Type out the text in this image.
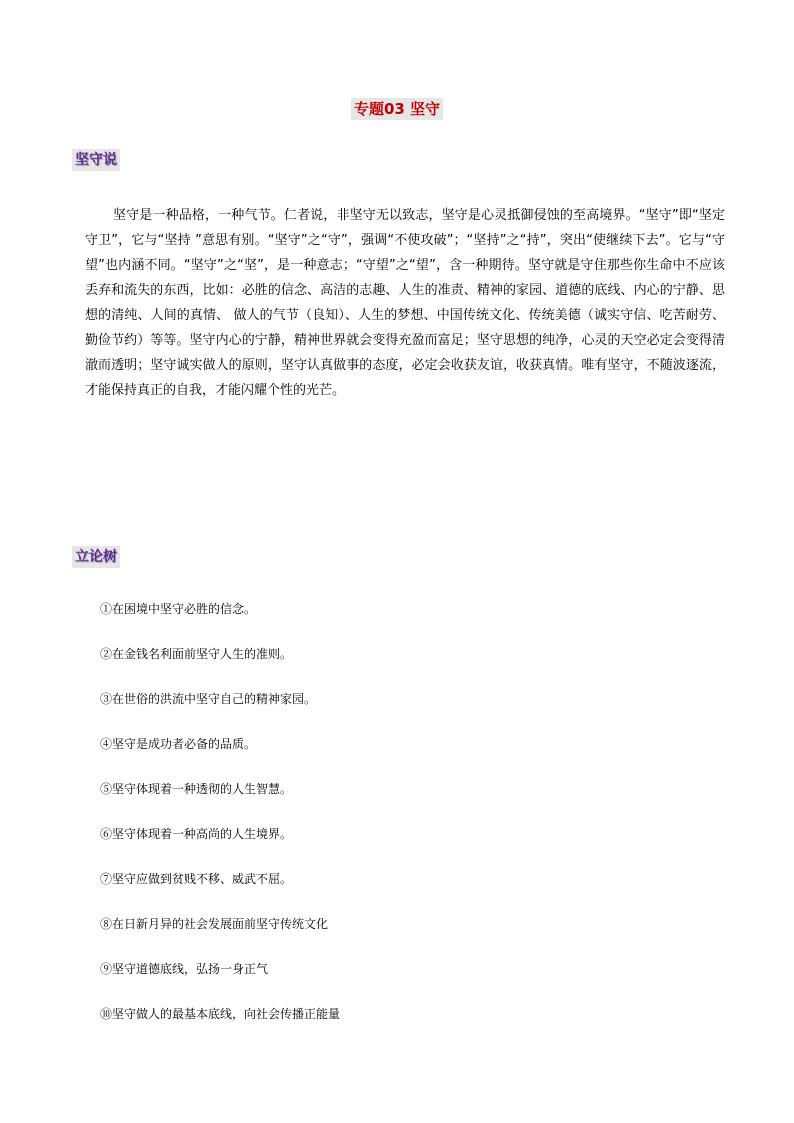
专题03 坚守
坚守说

坚守是一种品格，一种气节。仁者说，非坚守无以致志，坚守是心灵抵御侵蚀的至高境界。“坚守”即“坚定守卫”，它与“坚持 ”意思有别。“坚守”之“守”，强调“不使攻破”；“坚持”之“持”，突出“使继续下去”。它与“守望”也内涵不同。“坚守”之“坚”，是一种意志；“守望”之“望”，含一种期待。坚守就是守住那些你生命中不应该丢弃和流失的东西，比如：必胜的信念、高洁的志趣、人生的准责、精神的家园、道德的底线、内心的宁静、思想的清纯、人间的真情、 做人的气节（良知）、人生的梦想、中国传统文化、传统美德（诚实守信、吃苦耐劳、勤俭节约）等等。坚守内心的宁静，精神世界就会变得充盈而富足；坚守思想的纯净，心灵的天空必定会变得清澈而透明；坚守诚实做人的原则，坚守认真做事的态度，必定会收获友谊，收获真情。唯有坚守，不随波逐流，才能保持真正的自我，才能闪耀个性的光芒。

立论树
①在困境中坚守必胜的信念。
②在金钱名利面前坚守人生的准则。
③在世俗的洪流中坚守自己的精神家园。
④坚守是成功者必备的品质。
⑤坚守体现着一种透彻的人生智慧。
⑥坚守体现着一种高尚的人生境界。
⑦坚守应做到贫贱不移、威武不屈。
⑧在日新月异的社会发展面前坚守传统文化
⑨坚守道德底线，弘扬一身正气
⑩坚守做人的最基本底线，向社会传播正能量
